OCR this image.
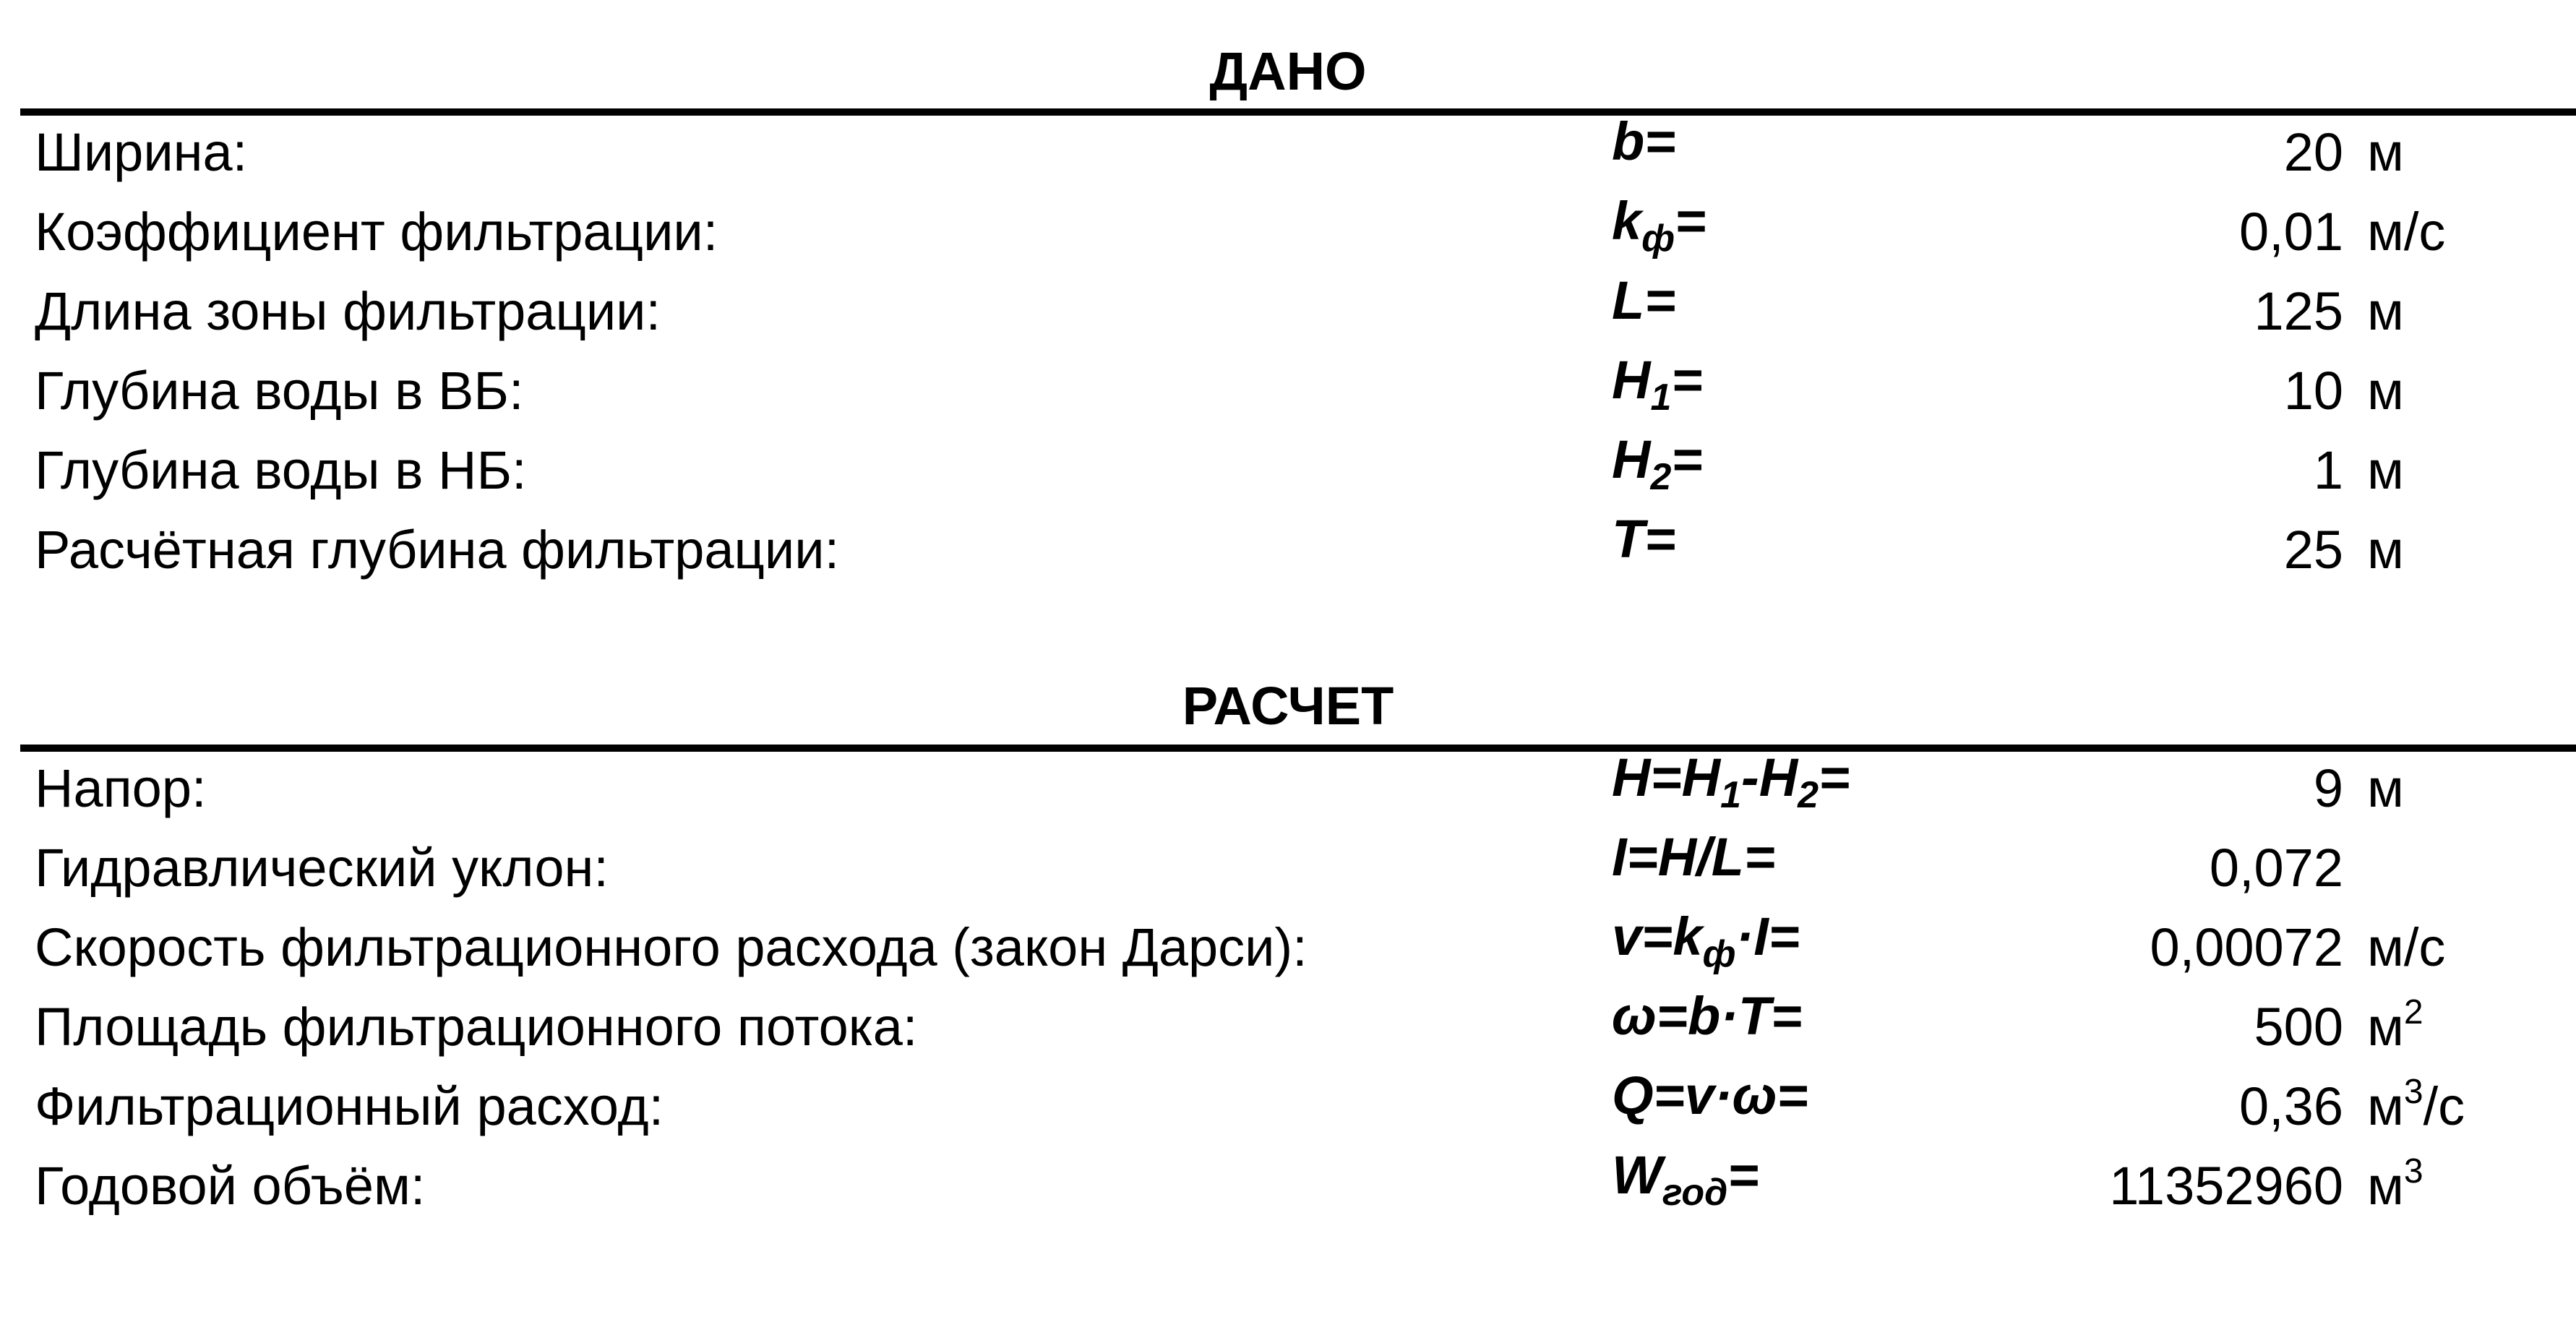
ДАНО
Ширина:	b=	20 м
Коэффициент фильтрации:	$k_ф=$	0,01 м/с
Длина зоны фильтрации:	L=	125 м
Глубина воды в ВБ:	$H_1=$	10 м
Глубина воды в НБ:	$H_2=$	1 м
Расчётная глубина фильтрации:	T=	25 м
РАСЧЕТ
Напор:	$H=H_1-H_2=$	9 м
Гидравлический уклон:	I=H/L=	0,072
Скорость фильтрационного расхода (закон Дарси):	$v=k_ф\cdot I=$	0,00072 м/с
Площадь фильтрационного потока:	ω=b·T=	500 $м^2$
Фильтрационный расход:	Q=v·ω=	0,36 $м^3/с$
Годовой объём:	$W_{год}=$	11352960 $м^3$
